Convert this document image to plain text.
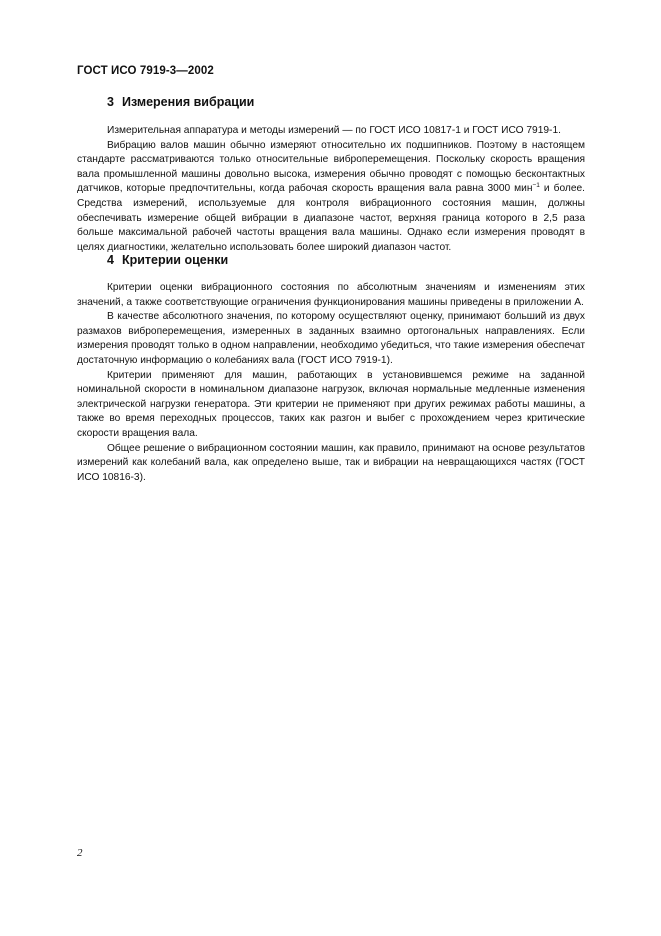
ГОСТ ИСО 7919-3—2002
3 Измерения вибрации

Измерительная аппаратура и методы измерений — по ГОСТ ИСО 10817-1 и ГОСТ ИСО 7919-1.

Вибрацию валов машин обычно измеряют относительно их подшипников. Поэтому в настоящем стандарте рассматриваются только относительные виброперемещения. Поскольку скорость вращения вала промышленной машины довольно высока, измерения обычно проводят с помощью бесконтактных датчиков, которые предпочтительны, когда рабочая скорость вращения вала равна 3000 мин$^{-1}$ и более. Средства измерений, используемые для контроля вибрационного состояния машин, должны обеспечивать измерение общей вибрации в диапазоне частот, верхняя граница которого в 2,5 раза больше максимальной рабочей частоты вращения вала машины. Однако если измерения проводят в целях диагностики, желательно использовать более широкий диапазон частот.

4 Критерии оценки

Критерии оценки вибрационного состояния по абсолютным значениям и изменениям этих значений, а также соответствующие ограничения функционирования машины приведены в приложении А.

В качестве абсолютного значения, по которому осуществляют оценку, принимают больший из двух размахов виброперемещения, измеренных в заданных взаимно ортогональных направлениях. Если измерения проводят только в одном направлении, необходимо убедиться, что такие измерения обеспечат достаточную информацию о колебаниях вала (ГОСТ ИСО 7919-1).

Критерии применяют для машин, работающих в установившемся режиме на заданной номинальной скорости в номинальном диапазоне нагрузок, включая нормальные медленные изменения электрической нагрузки генератора. Эти критерии не применяют при других режимах работы машины, а также во время переходных процессов, таких как разгон и выбег с прохождением через критические скорости вращения вала.

Общее решение о вибрационном состоянии машин, как правило, принимают на основе результатов измерений как колебаний вала, как определено выше, так и вибрации на невращающихся частях (ГОСТ ИСО 10816-3).

2
